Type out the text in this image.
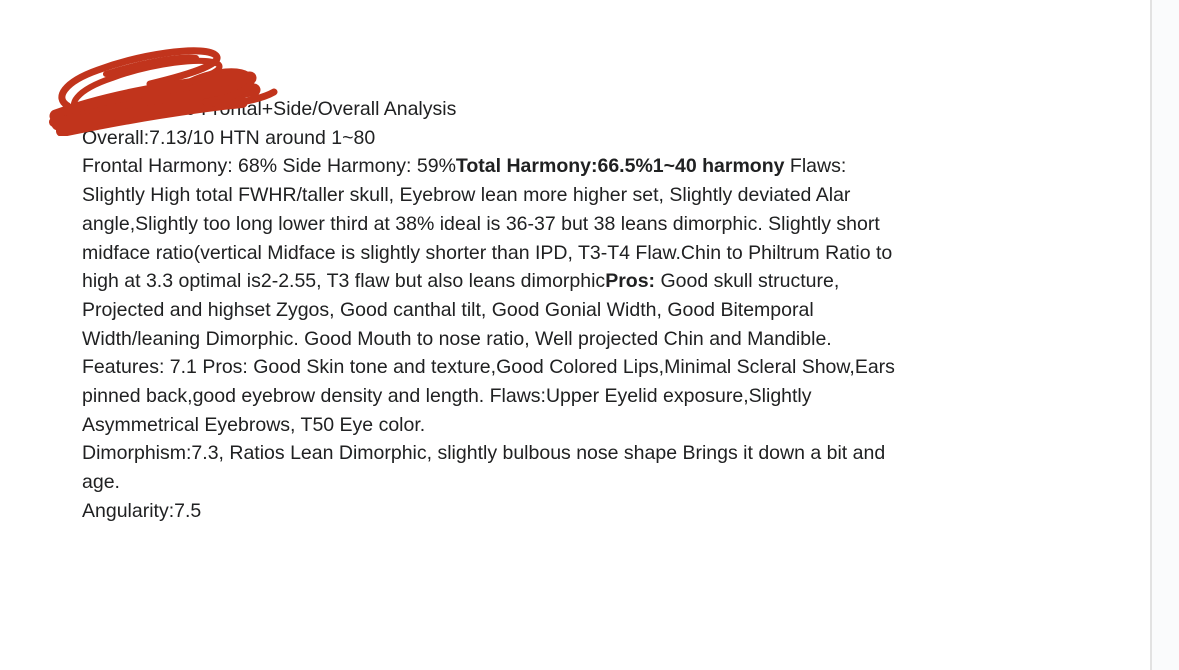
50 Frontal+Side/Overall Analysis
Overall:7.13/10 HTN around 1~80
Frontal Harmony: 68% Side Harmony: 59%Total Harmony:66.5%1~40 harmony Flaws:
Slightly High total FWHR/taller skull, Eyebrow lean more higher set, Slightly deviated Alar
angle,Slightly too long lower third at 38% ideal is 36-37 but 38 leans dimorphic. Slightly short
midface ratio(vertical Midface is slightly shorter than IPD, T3-T4 Flaw.Chin to Philtrum Ratio to
high at 3.3 optimal is2-2.55, T3 flaw but also leans dimorphicPros: Good skull structure,
Projected and highset Zygos, Good canthal tilt, Good Gonial Width, Good Bitemporal
Width/leaning Dimorphic. Good Mouth to nose ratio, Well projected Chin and Mandible.
Features: 7.1 Pros: Good Skin tone and texture,Good Colored Lips,Minimal Scleral Show,Ears
pinned back,good eyebrow density and length. Flaws:Upper Eyelid exposure,Slightly
Asymmetrical Eyebrows, T50 Eye color.
Dimorphism:7.3, Ratios Lean Dimorphic, slightly bulbous nose shape Brings it down a bit and
age.
Angularity:7.5
